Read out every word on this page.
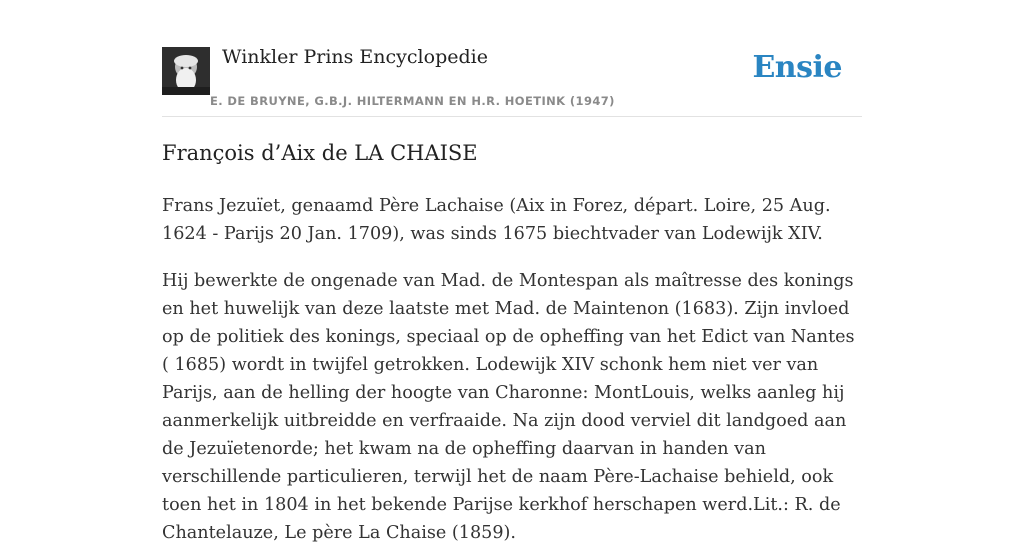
Winkler Prins Encyclopedie
E. DE BRUYNE, G.B.J. HILTERMANN EN H.R. HOETINK (1947)
Ensie
François d’Aix de LA CHAISE

Frans Jezuïet, genaamd Père Lachaise (Aix in Forez, départ. Loire, 25 Aug. 1624 - Parijs 20 Jan. 1709), was sinds 1675 biechtvader van Lodewijk XIV.

Hij bewerkte de ongenade van Mad. de Montespan als maîtresse des konings en het huwelijk van deze laatste met Mad. de Maintenon (1683). Zijn invloed op de politiek des konings, speciaal op de opheffing van het Edict van Nantes ( 1685) wordt in twijfel getrokken. Lodewijk XIV schonk hem niet ver van Parijs, aan de helling der hoogte van Charonne: MontLouis, welks aanleg hij aanmerkelijk uitbreidde en verfraaide. Na zijn dood verviel dit landgoed aan de Jezuïetenorde; het kwam na de opheffing daarvan in handen van verschillende particulieren, terwijl het de naam Père-Lachaise behield, ook toen het in 1804 in het bekende Parijse kerkhof herschapen werd.Lit.: R. de Chantelauze, Le père La Chaise (1859).
